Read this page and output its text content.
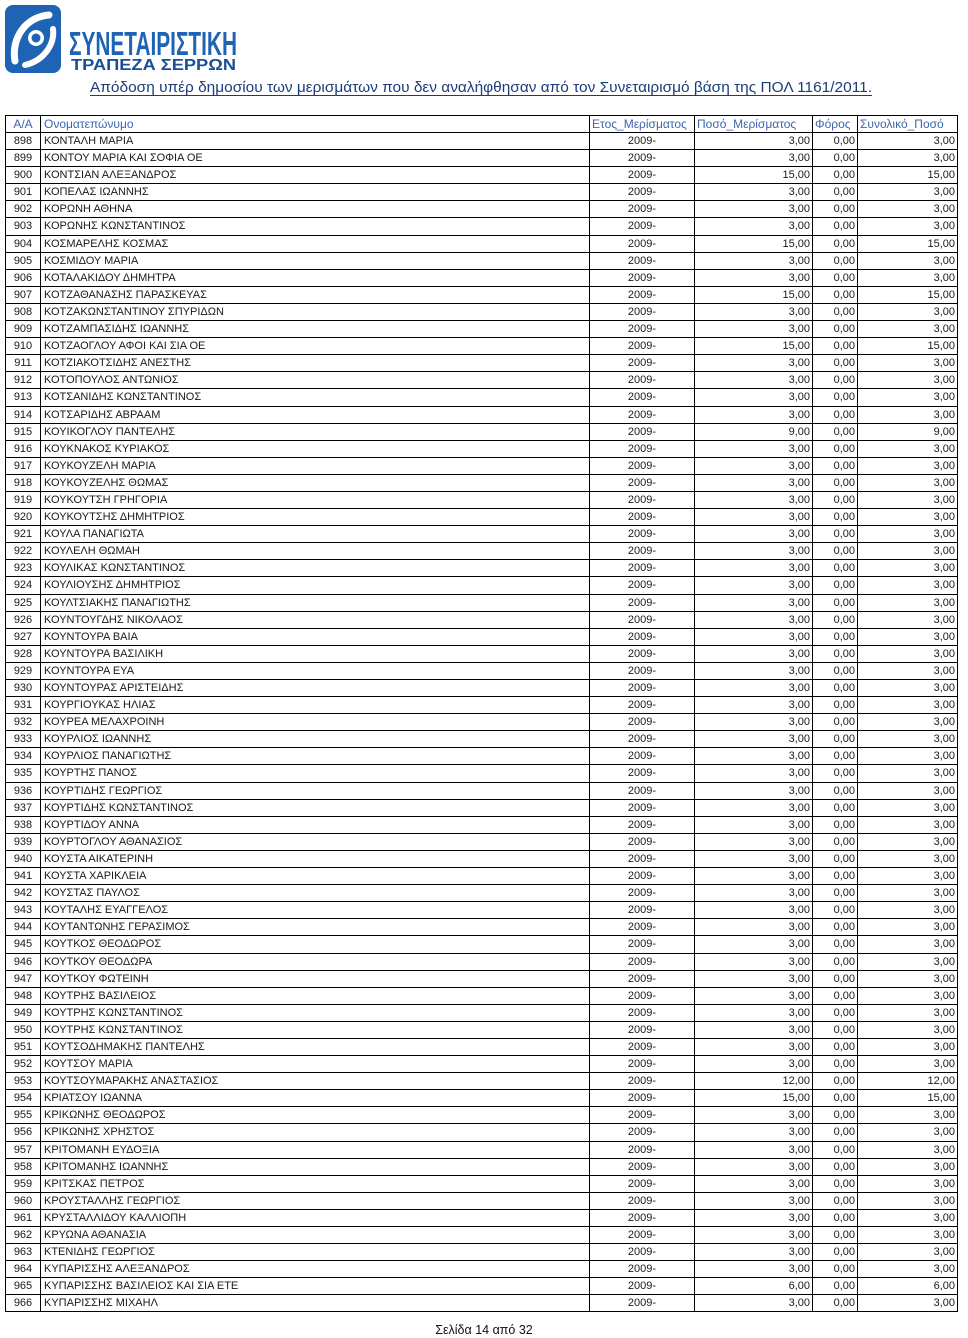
ΣΥΝΕΤΑΙΡΙΣΤΙΚΗ
ΤΡΑΠΕΖΑ ΣΕΡΡΩΝ
Απόδοση υπέρ δημοσίου των μερισμάτων που δεν αναλήφθησαν από τον Συνεταιρισμό βάση της ΠΟΛ 1161/2011.
Α/Α Ονοματεπώνυμο	Ετος_Μερίσματος Ποσό_Μερίσματος	Φόρος Συνολικό_Ποσό
898	ΚΟΝΤΑΛΗ ΜΑΡΙΑ	2009-	3,00	0,00	3,00
899	ΚΟΝΤΟΥ ΜΑΡΙΑ ΚΑΙ ΣΟΦΙΑ ΟΕ	2009-	3,00	0,00	3,00
900	ΚΟΝΤΣΙΑΝ ΑΛΕΞΑΝΔΡΟΣ	2009-	15,00	0,00	15,00
901	ΚΟΠΕΛΑΣ ΙΩΑΝΝΗΣ	2009-	3,00	0,00	3,00
902	ΚΟΡΩΝΗ ΑΘΗΝΑ	2009-	3,00	0,00	3,00
903	ΚΟΡΩΝΗΣ ΚΩΝΣΤΑΝΤΙΝΟΣ	2009-	3,00	0,00	3,00
904	ΚΟΣΜΑΡΕΛΗΣ ΚΟΣΜΑΣ	2009-	15,00	0,00	15,00
905	ΚΟΣΜΙΔΟΥ ΜΑΡΙΑ	2009-	3,00	0,00	3,00
906	ΚΟΤΑΛΑΚΙΔΟΥ ΔΗΜΗΤΡΑ	2009-	3,00	0,00	3,00
907	ΚΟΤΖΑΘΑΝΑΣΗΣ ΠΑΡΑΣΚΕΥΑΣ	2009-	15,00	0,00	15,00
908	ΚΟΤΖΑΚΩΝΣΤΑΝΤΙΝΟΥ ΣΠΥΡΙΔΩΝ	2009-	3,00	0,00	3,00
909	ΚΟΤΖΑΜΠΑΣΙΔΗΣ ΙΩΑΝΝΗΣ	2009-	3,00	0,00	3,00
910	ΚΟΤΖΑΟΓΛΟΥ ΑΦΟΙ ΚΑΙ ΣΙΑ ΟΕ	2009-	15,00	0,00	15,00
911	ΚΟΤΖΙΑΚΟΤΣΙΔΗΣ ΑΝΕΣΤΗΣ	2009-	3,00	0,00	3,00
912	ΚΟΤΟΠΟΥΛΟΣ ΑΝΤΩΝΙΟΣ	2009-	3,00	0,00	3,00
913	ΚΟΤΣΑΝΙΔΗΣ ΚΩΝΣΤΑΝΤΙΝΟΣ	2009-	3,00	0,00	3,00
914	ΚΟΤΣΑΡΙΔΗΣ ΑΒΡΑΑΜ	2009-	3,00	0,00	3,00
915	ΚΟΥΙΚΟΓΛΟΥ ΠΑΝΤΕΛΗΣ	2009-	9,00	0,00	9,00
916	ΚΟΥΚΝΑΚΟΣ ΚΥΡΙΑΚΟΣ	2009-	3,00	0,00	3,00
917	ΚΟΥΚΟΥΖΕΛΗ ΜΑΡΙΑ	2009-	3,00	0,00	3,00
918	ΚΟΥΚΟΥΖΕΛΗΣ ΘΩΜΑΣ	2009-	3,00	0,00	3,00
919	ΚΟΥΚΟΥΤΣΗ ΓΡΗΓΟΡΙΑ	2009-	3,00	0,00	3,00
920	ΚΟΥΚΟΥΤΣΗΣ ΔΗΜΗΤΡΙΟΣ	2009-	3,00	0,00	3,00
921	ΚΟΥΛΑ ΠΑΝΑΓΙΩΤΑ	2009-	3,00	0,00	3,00
922	ΚΟΥΛΕΛΗ ΘΩΜΑΗ	2009-	3,00	0,00	3,00
923	ΚΟΥΛΙΚΑΣ ΚΩΝΣΤΑΝΤΙΝΟΣ	2009-	3,00	0,00	3,00
924	ΚΟΥΛΙΟΥΣΗΣ ΔΗΜΗΤΡΙΟΣ	2009-	3,00	0,00	3,00
925	ΚΟΥΛΤΣΙΑΚΗΣ ΠΑΝΑΓΙΩΤΗΣ	2009-	3,00	0,00	3,00
926	ΚΟΥΝΤΟΥΓΔΗΣ ΝΙΚΟΛΑΟΣ	2009-	3,00	0,00	3,00
927	ΚΟΥΝΤΟΥΡΑ ΒΑΙΑ	2009-	3,00	0,00	3,00
928	ΚΟΥΝΤΟΥΡΑ ΒΑΣΙΛΙΚΗ	2009-	3,00	0,00	3,00
929	ΚΟΥΝΤΟΥΡΑ ΕΥΑ	2009-	3,00	0,00	3,00
930	ΚΟΥΝΤΟΥΡΑΣ ΑΡΙΣΤΕΙΔΗΣ	2009-	3,00	0,00	3,00
931	ΚΟΥΡΓΙΟΥΚΑΣ ΗΛΙΑΣ	2009-	3,00	0,00	3,00
932	ΚΟΥΡΕΑ ΜΕΛΑΧΡΟΙΝΗ	2009-	3,00	0,00	3,00
933	ΚΟΥΡΛΙΟΣ ΙΩΑΝΝΗΣ	2009-	3,00	0,00	3,00
934	ΚΟΥΡΛΙΟΣ ΠΑΝΑΓΙΩΤΗΣ	2009-	3,00	0,00	3,00
935	ΚΟΥΡΤΗΣ ΠΑΝΟΣ	2009-	3,00	0,00	3,00
936	ΚΟΥΡΤΙΔΗΣ ΓΕΩΡΓΙΟΣ	2009-	3,00	0,00	3,00
937	ΚΟΥΡΤΙΔΗΣ ΚΩΝΣΤΑΝΤΙΝΟΣ	2009-	3,00	0,00	3,00
938	ΚΟΥΡΤΙΔΟΥ ΑΝΝΑ	2009-	3,00	0,00	3,00
939	ΚΟΥΡΤΟΓΛΟΥ ΑΘΑΝΑΣΙΟΣ	2009-	3,00	0,00	3,00
940	ΚΟΥΣΤΑ ΑΙΚΑΤΕΡΙΝΗ	2009-	3,00	0,00	3,00
941	ΚΟΥΣΤΑ ΧΑΡΙΚΛΕΙΑ	2009-	3,00	0,00	3,00
942	ΚΟΥΣΤΑΣ ΠΑΥΛΟΣ	2009-	3,00	0,00	3,00
943	ΚΟΥΤΑΛΗΣ ΕΥΑΓΓΕΛΟΣ	2009-	3,00	0,00	3,00
944	ΚΟΥΤΑΝΤΩΝΗΣ ΓΕΡΑΣΙΜΟΣ	2009-	3,00	0,00	3,00
945	ΚΟΥΤΚΟΣ ΘΕΟΔΩΡΟΣ	2009-	3,00	0,00	3,00
946	ΚΟΥΤΚΟΥ ΘΕΟΔΩΡΑ	2009-	3,00	0,00	3,00
947	ΚΟΥΤΚΟΥ ΦΩΤΕΙΝΗ	2009-	3,00	0,00	3,00
948	ΚΟΥΤΡΗΣ ΒΑΣΙΛΕΙΟΣ	2009-	3,00	0,00	3,00
949	ΚΟΥΤΡΗΣ ΚΩΝΣΤΑΝΤΙΝΟΣ	2009-	3,00	0,00	3,00
950	ΚΟΥΤΡΗΣ ΚΩΝΣΤΑΝΤΙΝΟΣ	2009-	3,00	0,00	3,00
951	ΚΟΥΤΣΟΔΗΜΑΚΗΣ ΠΑΝΤΕΛΗΣ	2009-	3,00	0,00	3,00
952	ΚΟΥΤΣΟΥ ΜΑΡΙΑ	2009-	3,00	0,00	3,00
953	ΚΟΥΤΣΟΥΜΑΡΑΚΗΣ ΑΝΑΣΤΑΣΙΟΣ	2009-	12,00	0,00	12,00
954	ΚΡΙΑΤΣΟΥ ΙΩΑΝΝΑ	2009-	15,00	0,00	15,00
955	ΚΡΙΚΩΝΗΣ ΘΕΟΔΩΡΟΣ	2009-	3,00	0,00	3,00
956	ΚΡΙΚΩΝΗΣ ΧΡΗΣΤΟΣ	2009-	3,00	0,00	3,00
957	ΚΡΙΤΟΜΑΝΗ ΕΥΔΟΞΙΑ	2009-	3,00	0,00	3,00
958	ΚΡΙΤΟΜΑΝΗΣ ΙΩΑΝΝΗΣ	2009-	3,00	0,00	3,00
959	ΚΡΙΤΣΚΑΣ ΠΕΤΡΟΣ	2009-	3,00	0,00	3,00
960	ΚΡΟΥΣΤΑΛΛΗΣ ΓΕΩΡΓΙΟΣ	2009-	3,00	0,00	3,00
961	ΚΡΥΣΤΑΛΛΙΔΟΥ ΚΑΛΛΙΟΠΗ	2009-	3,00	0,00	3,00
962	ΚΡΥΩΝΑ ΑΘΑΝΑΣΙΑ	2009-	3,00	0,00	3,00
963	ΚΤΕΝΙΔΗΣ ΓΕΩΡΓΙΟΣ	2009-	3,00	0,00	3,00
964	ΚΥΠΑΡΙΣΣΗΣ ΑΛΕΞΑΝΔΡΟΣ	2009-	3,00	0,00	3,00
965	ΚΥΠΑΡΙΣΣΗΣ ΒΑΣΙΛΕΙΟΣ ΚΑΙ ΣΙΑ ΕΤΕ	2009-	6,00	0,00	6,00
966	ΚΥΠΑΡΙΣΣΗΣ ΜΙΧΑΗΛ	2009-	3,00	0,00	3,00
Σελίδα 14 από 32
